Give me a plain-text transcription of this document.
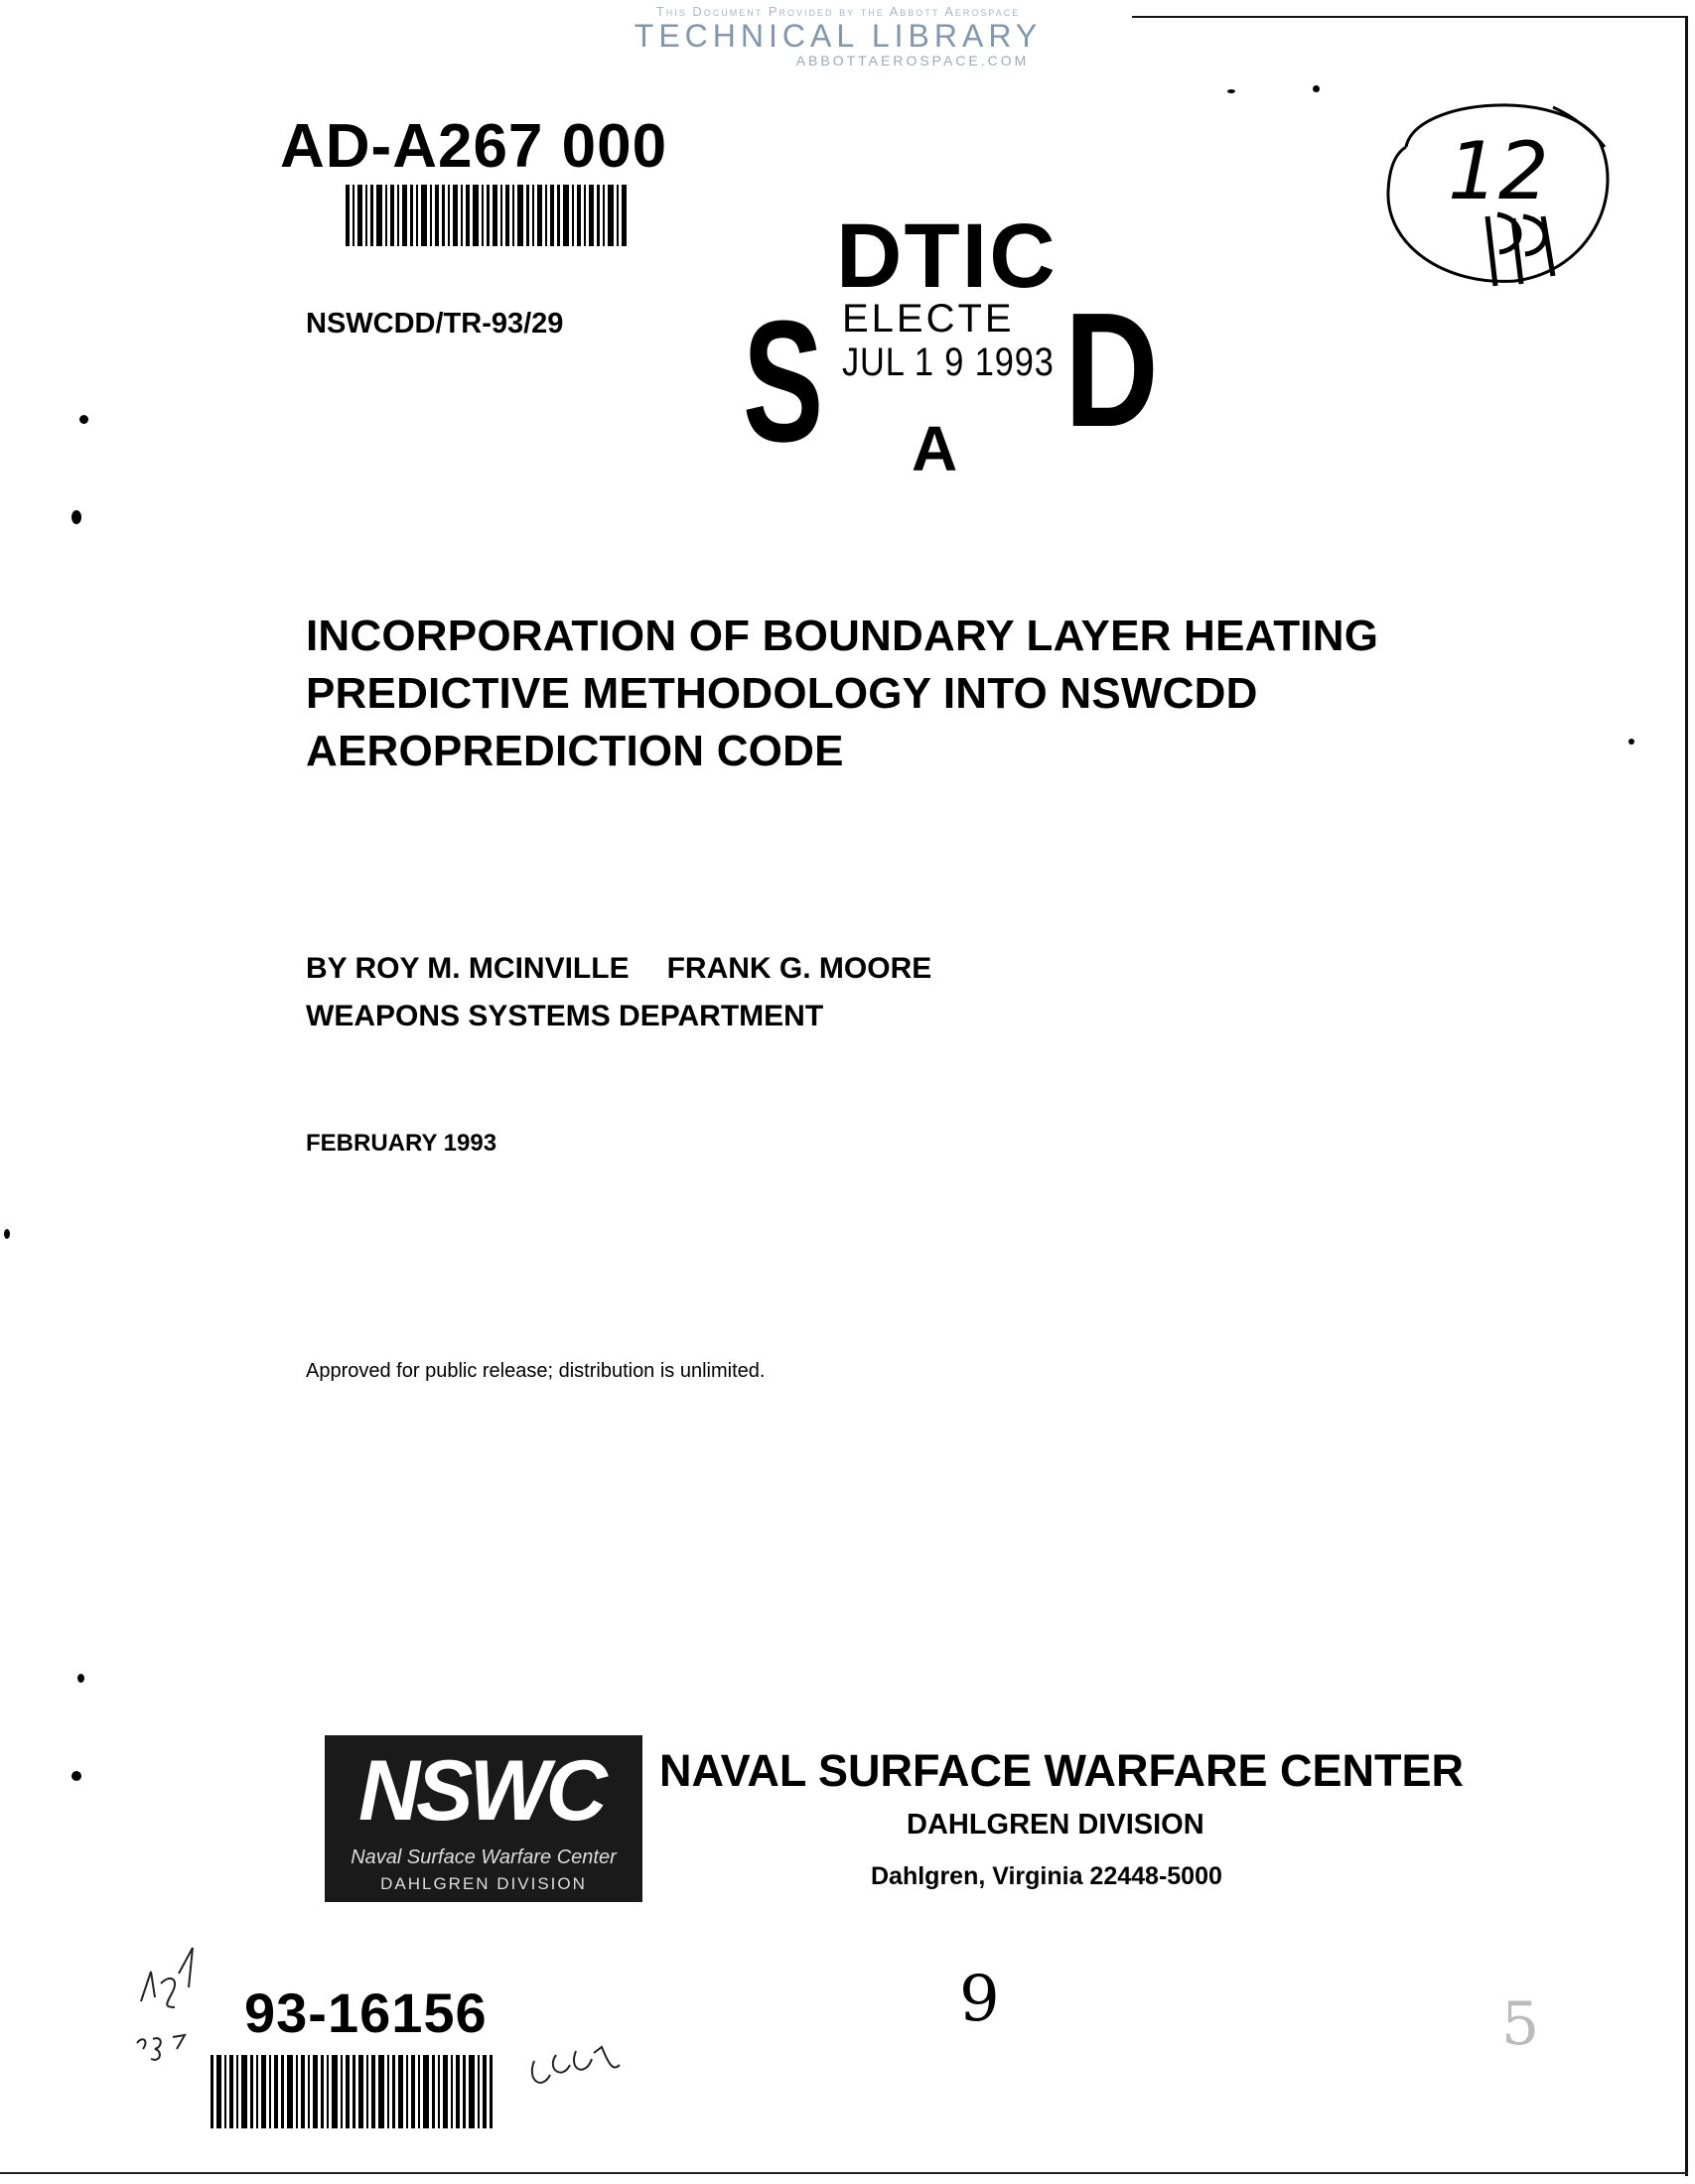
This Document Provided by the Abbott Aerospace
TECHNICAL LIBRARY
ABBOTTAEROSPACE.COM
AD-A267 000
NSWCDD/TR-93/29
DTIC
S ELECTE
JUL 1 9 1993 D
A
12
INCORPORATION OF BOUNDARY LAYER HEATING
PREDICTIVE METHODOLOGY INTO NSWCDD
AEROPREDICTION CODE
BY ROY M. MCINVILLE FRANK G. MOORE
WEAPONS SYSTEMS DEPARTMENT
FEBRUARY 1993
Approved for public release; distribution is unlimited.
NSWC
Naval Surface Warfare Center
DAHLGREN DIVISION
NAVAL SURFACE WARFARE CENTER
DAHLGREN DIVISION
Dahlgren, Virginia 22448-5000
93-16156	9	5
